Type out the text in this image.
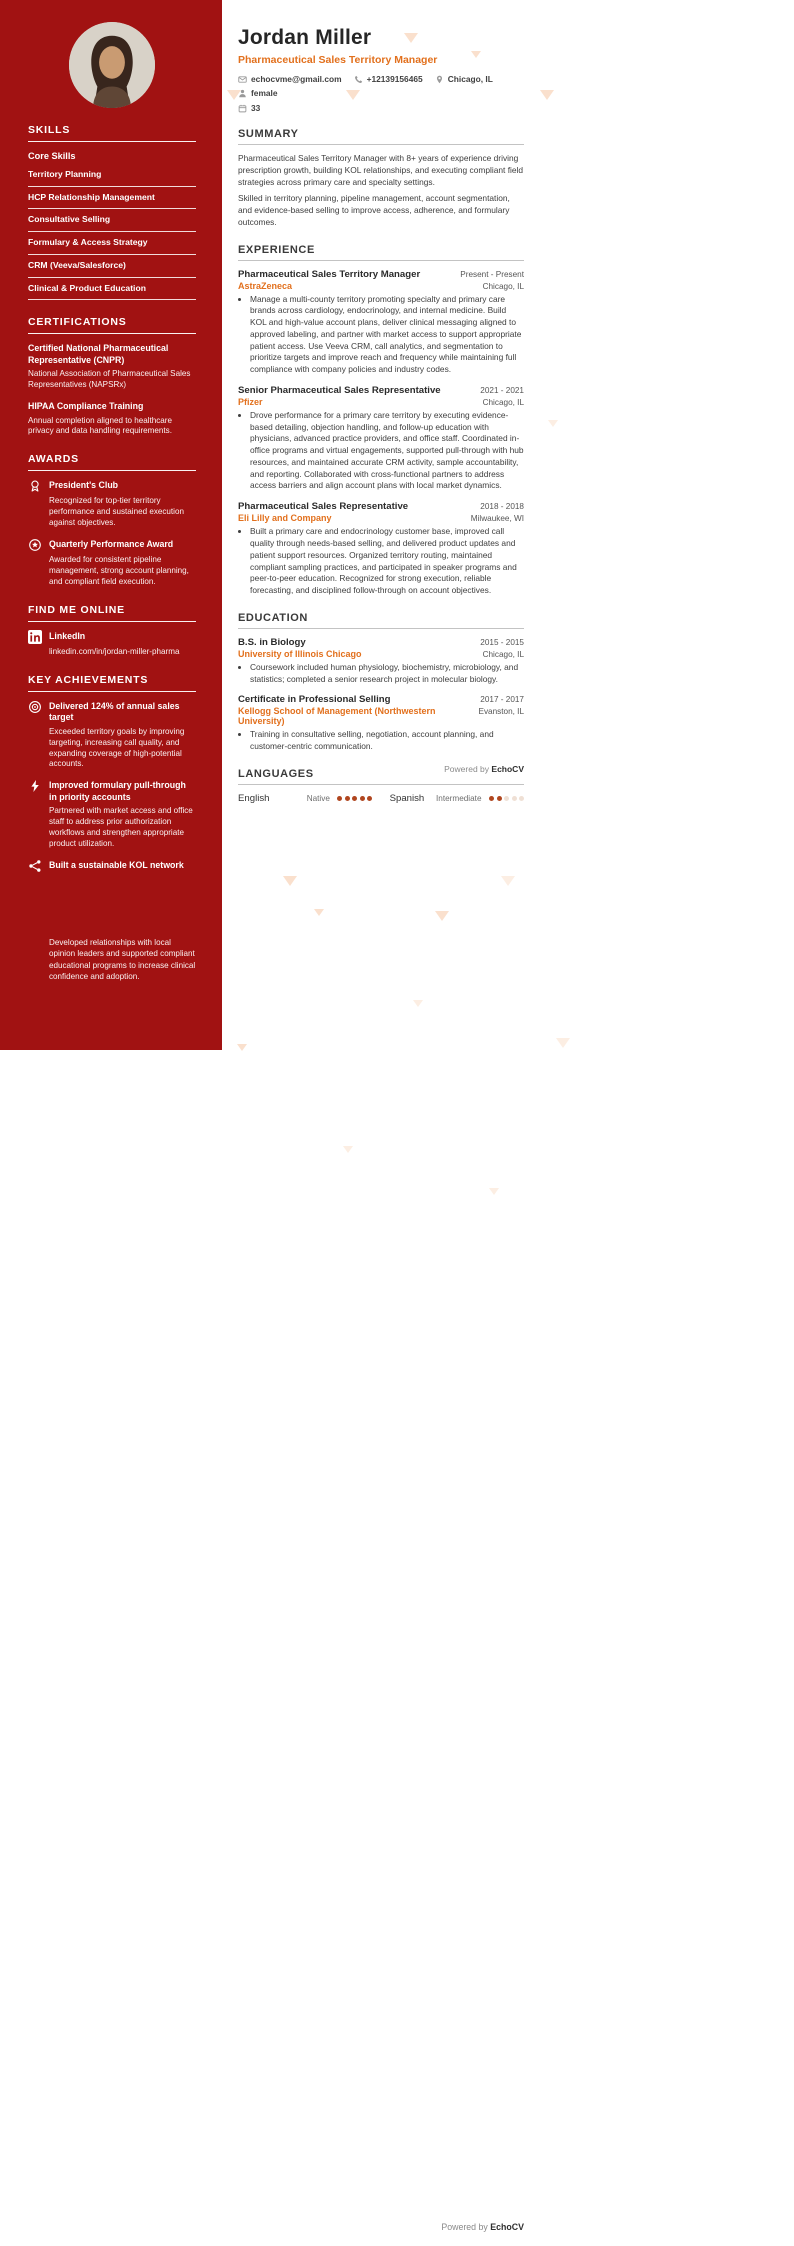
SKILLS
Core Skills
Territory Planning
HCP Relationship Management
Consultative Selling
Formulary & Access Strategy
CRM (Veeva/Salesforce)
Clinical & Product Education
CERTIFICATIONS
Certified National Pharmaceutical Representative (CNPR)
National Association of Pharmaceutical Sales Representatives (NAPSRx)
HIPAA Compliance Training
Annual completion aligned to healthcare privacy and data handling requirements.
AWARDS
President's Club
Recognized for top-tier territory performance and sustained execution against objectives.
Quarterly Performance Award
Awarded for consistent pipeline management, strong account planning, and compliant field execution.
FIND ME ONLINE
LinkedIn
linkedin.com/in/jordan-miller-pharma
KEY ACHIEVEMENTS
Delivered 124% of annual sales target
Exceeded territory goals by improving targeting, increasing call quality, and expanding coverage of high-potential accounts.
Improved formulary pull-through in priority accounts
Partnered with market access and office staff to address prior authorization workflows and strengthen appropriate product utilization.
Built a sustainable KOL network
Developed relationships with local opinion leaders and supported compliant educational programs to increase clinical confidence and adoption.
Jordan Miller
Pharmaceutical Sales Territory Manager
echocvme@gmail.com	+12139156465	Chicago, IL
female
33
SUMMARY

Pharmaceutical Sales Territory Manager with 8+ years of experience driving prescription growth, building KOL relationships, and executing compliant field strategies across primary care and specialty settings.

Skilled in territory planning, pipeline management, account segmentation, and evidence-based selling to improve access, adherence, and formulary outcomes.

EXPERIENCE
Pharmaceutical Sales Territory Manager	Present - Present
AstraZeneca	Chicago, IL
• Manage a multi-county territory promoting specialty and primary care brands across cardiology, endocrinology, and internal medicine. Build KOL and high-value account plans, deliver clinical messaging aligned to approved labeling, and partner with market access to support appropriate patient access. Use Veeva CRM, call analytics, and segmentation to prioritize targets and improve reach and frequency while maintaining full compliance with company policies and industry codes.
Senior Pharmaceutical Sales Representative	2021 - 2021
Pfizer	Chicago, IL
• Drove performance for a primary care territory by executing evidence-based detailing, objection handling, and follow-up education with physicians, advanced practice providers, and office staff. Coordinated in-office programs and virtual engagements, supported pull-through with hub resources, and maintained accurate CRM activity, sample accountability, and reporting. Collaborated with cross-functional partners to address access barriers and align account plans with local market dynamics.
Pharmaceutical Sales Representative	2018 - 2018
Eli Lilly and Company	Milwaukee, WI
• Built a primary care and endocrinology customer base, improved call quality through needs-based selling, and delivered product updates and patient support resources. Organized territory routing, maintained compliant sampling practices, and participated in speaker programs and peer-to-peer education. Recognized for strong execution, reliable forecasting, and disciplined follow-through on account objectives.
EDUCATION
B.S. in Biology	2015 - 2015
University of Illinois Chicago	Chicago, IL
• Coursework included human physiology, biochemistry, microbiology, and statistics; completed a senior research project in molecular biology.
Certificate in Professional Selling	2017 - 2017
Kellogg School of Management (Northwestern University)
Evanston, IL
• Training in consultative selling, negotiation, account planning, and customer-centric communication.
LANGUAGES
English	Native	Spanish Intermediate
Powered by EchoCV
Powered by EchoCV
